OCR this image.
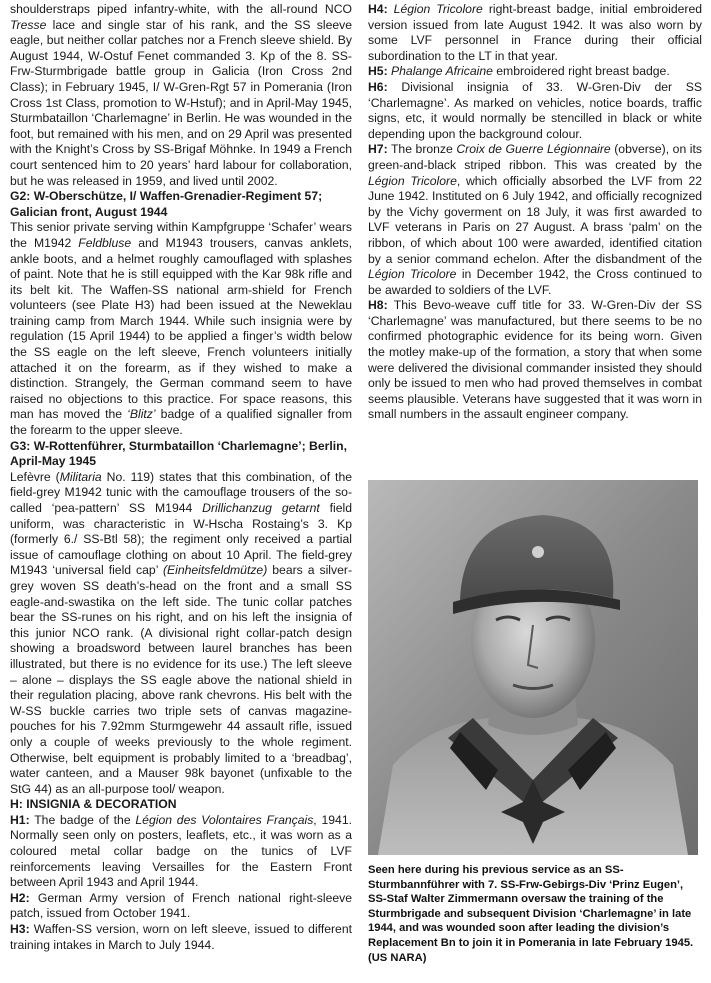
shoulderstraps piped infantry-white, with the all-round NCO Tresse lace and single star of his rank, and the SS sleeve eagle, but neither collar patches nor a French sleeve shield. By August 1944, W-Ostuf Fenet commanded 3. Kp of the 8. SS-Frw-Sturmbrigade battle group in Galicia (Iron Cross 2nd Class); in February 1945, I/ W-Gren-Rgt 57 in Pomerania (Iron Cross 1st Class, promotion to W-Hstuf); and in April-May 1945, Sturmbataillon ‘Charlemagne’ in Berlin. He was wounded in the foot, but remained with his men, and on 29 April was presented with the Knight’s Cross by SS-Brigaf Möhnke. In 1949 a French court sentenced him to 20 years’ hard labour for collaboration, but he was released in 1959, and lived until 2002.

G2: W-Oberschütze, I/ Waffen-Grenadier-Regiment 57; Galician front, August 1944

This senior private serving within Kampfgruppe ‘Schafer’ wears the M1942 Feldbluse and M1943 trousers, canvas anklets, ankle boots, and a helmet roughly camouflaged with splashes of paint. Note that he is still equipped with the Kar 98k rifle and its belt kit. The Waffen-SS national arm-shield for French volunteers (see Plate H3) had been issued at the Neweklau training camp from March 1944. While such insignia were by regulation (15 April 1944) to be applied a finger’s width below the SS eagle on the left sleeve, French volunteers initially attached it on the forearm, as if they wished to make a distinction. Strangely, the German command seem to have raised no objections to this practice. For space reasons, this man has moved the ‘Blitz’ badge of a qualified signaller from the forearm to the upper sleeve.

G3: W-Rottenführer, Sturmbataillon ‘Charlemagne’; Berlin, April-May 1945

Lefèvre (Militaria No. 119) states that this combination, of the field-grey M1942 tunic with the camouflage trousers of the so-called ‘pea-pattern’ SS M1944 Drillichanzug getarnt field uniform, was characteristic in W-Hscha Rostaing’s 3. Kp (formerly 6./ SS-Btl 58); the regiment only received a partial issue of camouflage clothing on about 10 April. The field-grey M1943 ‘universal field cap’ (Einheitsfeldmütze) bears a silver-grey woven SS death’s-head on the front and a small SS eagle-and-swastika on the left side. The tunic collar patches bear the SS-runes on his right, and on his left the insignia of this junior NCO rank. (A divisional right collar-patch design showing a broadsword between laurel branches has been illustrated, but there is no evidence for its use.) The left sleeve – alone – displays the SS eagle above the national shield in their regulation placing, above rank chevrons. His belt with the W-SS buckle carries two triple sets of canvas magazine-pouches for his 7.92mm Sturmgewehr 44 assault rifle, issued only a couple of weeks previously to the whole regiment. Otherwise, belt equipment is probably limited to a ‘breadbag’, water canteen, and a Mauser 98k bayonet (unfixable to the StG 44) as an all-purpose tool/ weapon.

H: INSIGNIA & DECORATION

H1: The badge of the Légion des Volontaires Français, 1941. Normally seen only on posters, leaflets, etc., it was worn as a coloured metal collar badge on the tunics of LVF reinforcements leaving Versailles for the Eastern Front between April 1943 and April 1944.

H2: German Army version of French national right-sleeve patch, issued from October 1941.

H3: Waffen-SS version, worn on left sleeve, issued to different training intakes in March to July 1944.

H4: Légion Tricolore right-breast badge, initial embroidered version issued from late August 1942. It was also worn by some LVF personnel in France during their official subordination to the LT in that year.

H5: Phalange Africaine embroidered right breast badge.

H6: Divisional insignia of 33. W-Gren-Div der SS ‘Charlemagne’. As marked on vehicles, notice boards, traffic signs, etc, it would normally be stencilled in black or white depending upon the background colour.

H7: The bronze Croix de Guerre Légionnaire (obverse), on its green-and-black striped ribbon. This was created by the Légion Tricolore, which officially absorbed the LVF from 22 June 1942. Instituted on 6 July 1942, and officially recognized by the Vichy goverment on 18 July, it was first awarded to LVF veterans in Paris on 27 August. A brass ‘palm’ on the ribbon, of which about 100 were awarded, identified citation by a senior command echelon. After the disbandment of the Légion Tricolore in December 1942, the Cross continued to be awarded to soldiers of the LVF.

H8: This Bevo-weave cuff title for 33. W-Gren-Div der SS ‘Charlemagne’ was manufactured, but there seems to be no confirmed photographic evidence for its being worn. Given the motley make-up of the formation, a story that when some were delivered the divisional commander insisted they should only be issued to men who had proved themselves in combat seems plausible. Veterans have suggested that it was worn in small numbers in the assault engineer company.

Seen here during his previous service as an SS-Sturmbannführer with 7. SS-Frw-Gebirgs-Div ‘Prinz Eugen’, SS-Staf Walter Zimmermann oversaw the training of the Sturmbrigade and subsequent Division ‘Charlemagne’ in late 1944, and was wounded soon after leading the division’s Replacement Bn to join it in Pomerania in late February 1945. (US NARA)
